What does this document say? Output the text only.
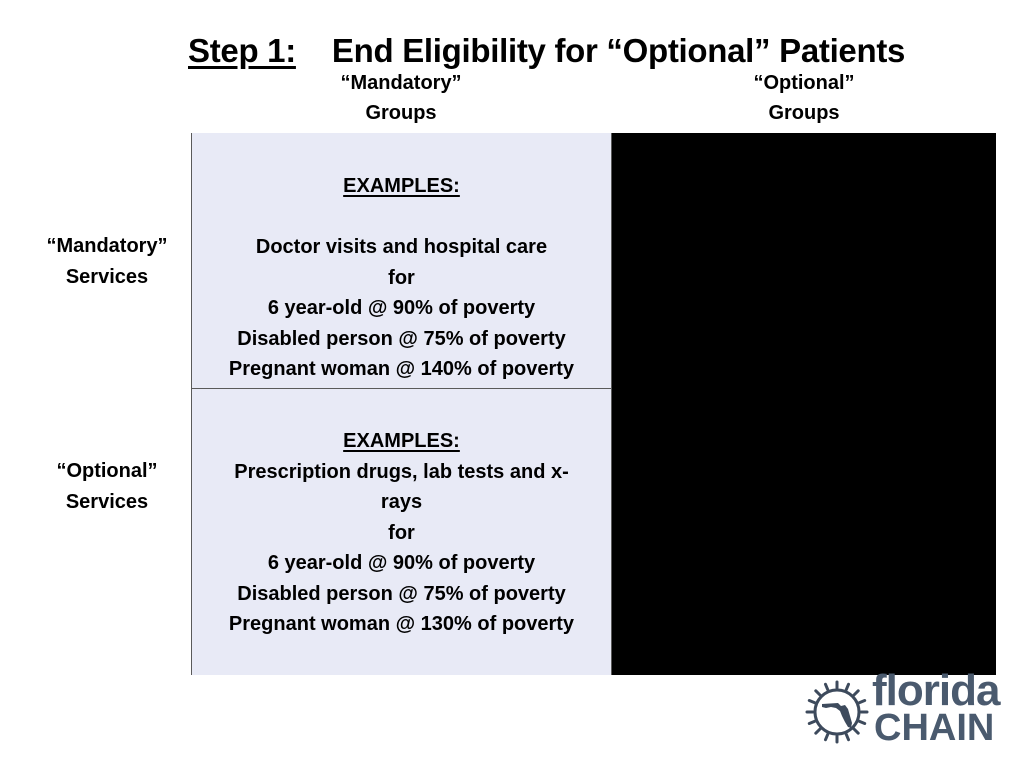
Step 1: End Eligibility for “Optional” Patients
“Mandatory”
Groups
“Optional”
Groups
“Mandatory”
Services
“Optional”
Services
EXAMPLES:
Doctor visits and hospital care
for
6 year-old @ 90% of poverty
Disabled person @ 75% of poverty
Pregnant woman @ 140% of poverty
EXAMPLES:
Prescription drugs, lab tests and x-
rays
for
6 year-old @ 90% of poverty
Disabled person @ 75% of poverty
Pregnant woman @ 130% of poverty
florida
CHAIN
